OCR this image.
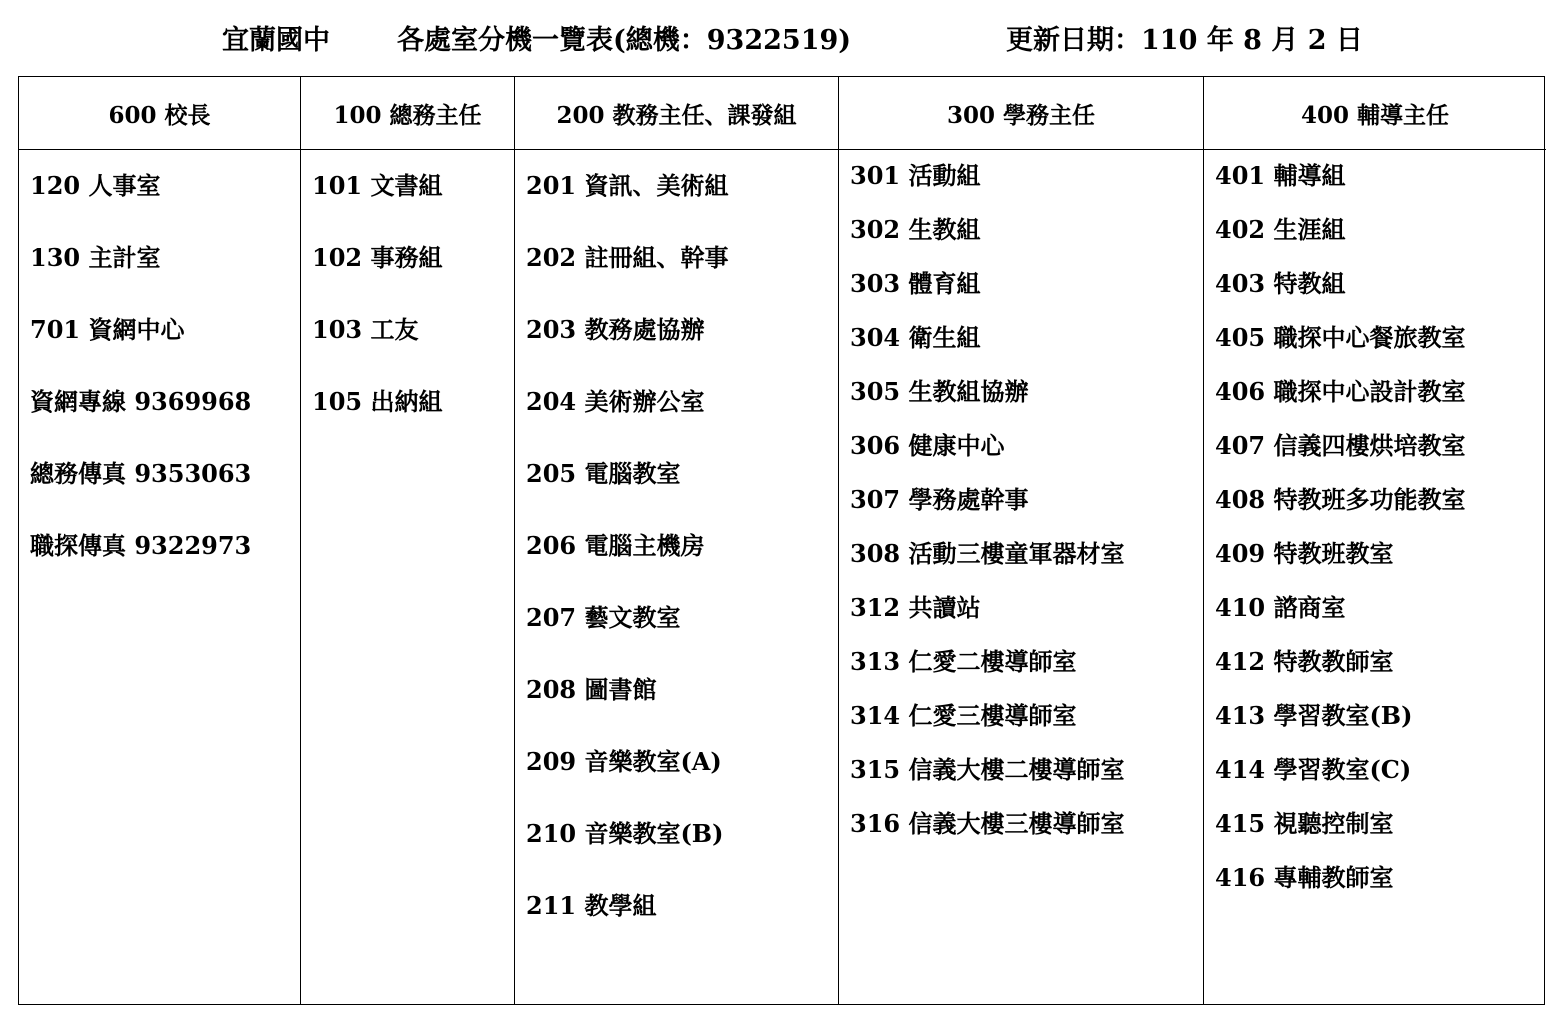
宜蘭國中 各處室分機一覽表(總機：9322519)	更新日期：110 年 8 月 2 日
600 校長
120 人事室
130 主計室
701 資網中心
資網專線 9369968
總務傳真 9353063
職探傳真 9322973
100 總務主任
101 文書組
102 事務組
103 工友
105 出納組
200 教務主任、課發組
201 資訊、美術組
202 註冊組、幹事
203 教務處協辦
204 美術辦公室
205 電腦教室
206 電腦主機房
207 藝文教室
208 圖書館
209 音樂教室(A)
210 音樂教室(B)
211 教學組
300 學務主任
301 活動組
302 生教組
303 體育組
304 衛生組
305 生教組協辦
306 健康中心
307 學務處幹事
308 活動三樓童軍器材室
312 共讀站
313 仁愛二樓導師室
314 仁愛三樓導師室
315 信義大樓二樓導師室
316 信義大樓三樓導師室
400 輔導主任
401 輔導組
402 生涯組
403 特教組
405 職探中心餐旅教室
406 職探中心設計教室
407 信義四樓烘培教室
408 特教班多功能教室
409 特教班教室
410 諮商室
412 特教教師室
413 學習教室(B)
414 學習教室(C)
415 視聽控制室
416 專輔教師室
